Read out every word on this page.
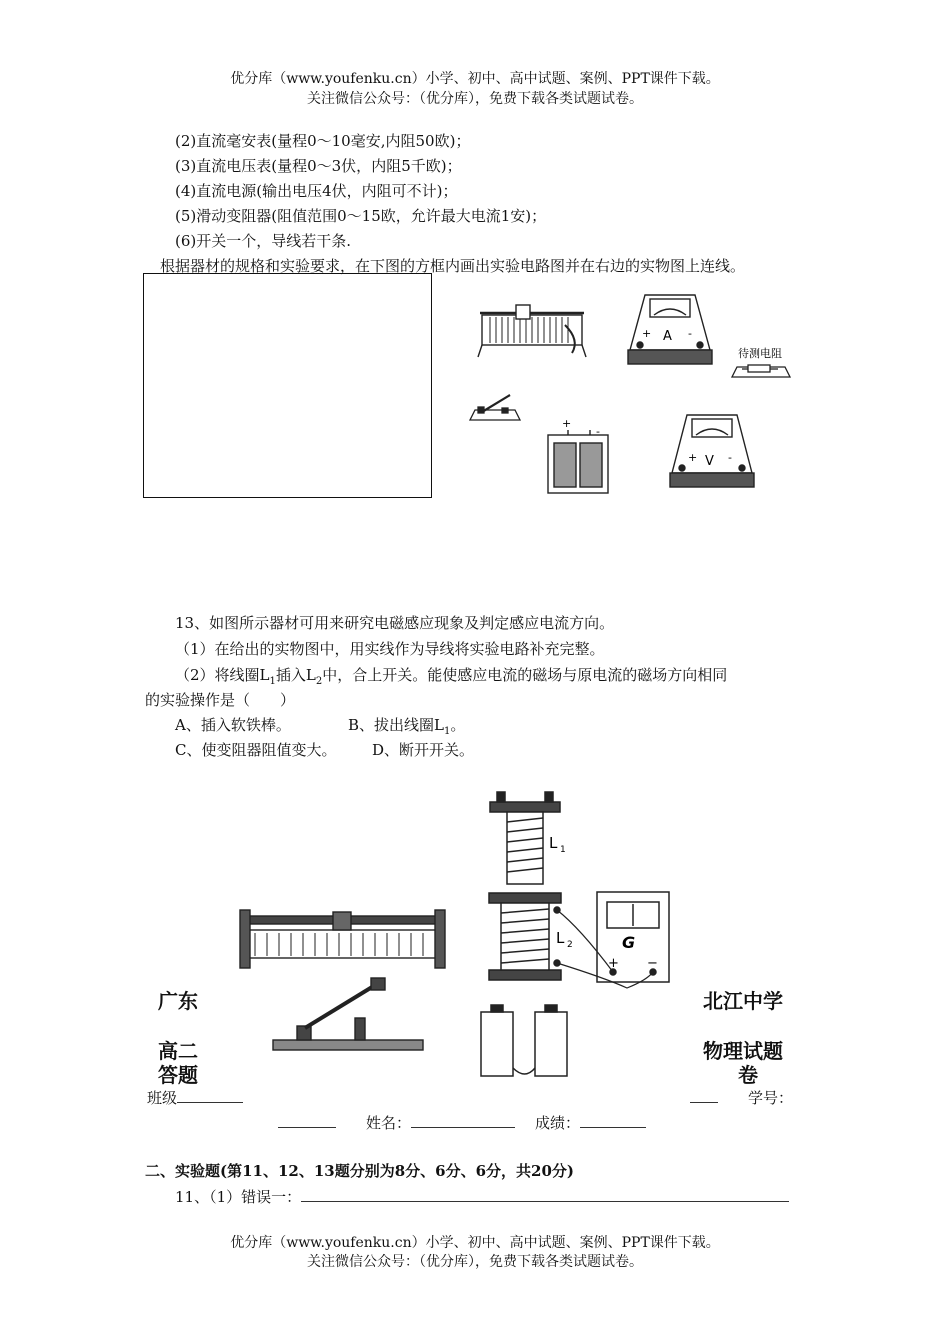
优分库（www.youfenku.cn）小学、初中、高中试题、案例、PPT课件下载。
关注微信公众号：（优分库），免费下载各类试题试卷。
(2)直流毫安表(量程0～10毫安,内阻50欧)；
(3)直流电压表(量程0～3伏，内阻5千欧)；
(4)直流电源(输出电压4伏，内阻可不计)；
(5)滑动变阻器(阻值范围0～15欧，允许最大电流1安)；
(6)开关一个，导线若干条.
根据器材的规格和实验要求，在下图的方框内画出实验电路图并在右边的实物图上连线。
+ A -
待测电阻
+
-
+ V -
13、如图所示器材可用来研究电磁感应现象及判定感应电流方向。
（1）在给出的实物图中，用实线作为导线将实验电路补充完整。
（2）将线圈$L_1$插入$L_2$中，合上开关。能使感应电流的磁场与原电流的磁场方向相同
的实验操作是（　　）
A、插入软铁棒。	B、拔出线圈$L_1$。
C、使变阻器阻值变大。 D、断开开关。
L 1
L 2	G
+ −
广东
高二
答题
北江中学
物理试题
卷
班级	学号：
姓名：	成绩：
二、实验题(第11、12、13题分别为8分、6分、6分，共20分)
11、（1）错误一：
优分库（www.youfenku.cn）小学、初中、高中试题、案例、PPT课件下载。
关注微信公众号：（优分库），免费下载各类试题试卷。
